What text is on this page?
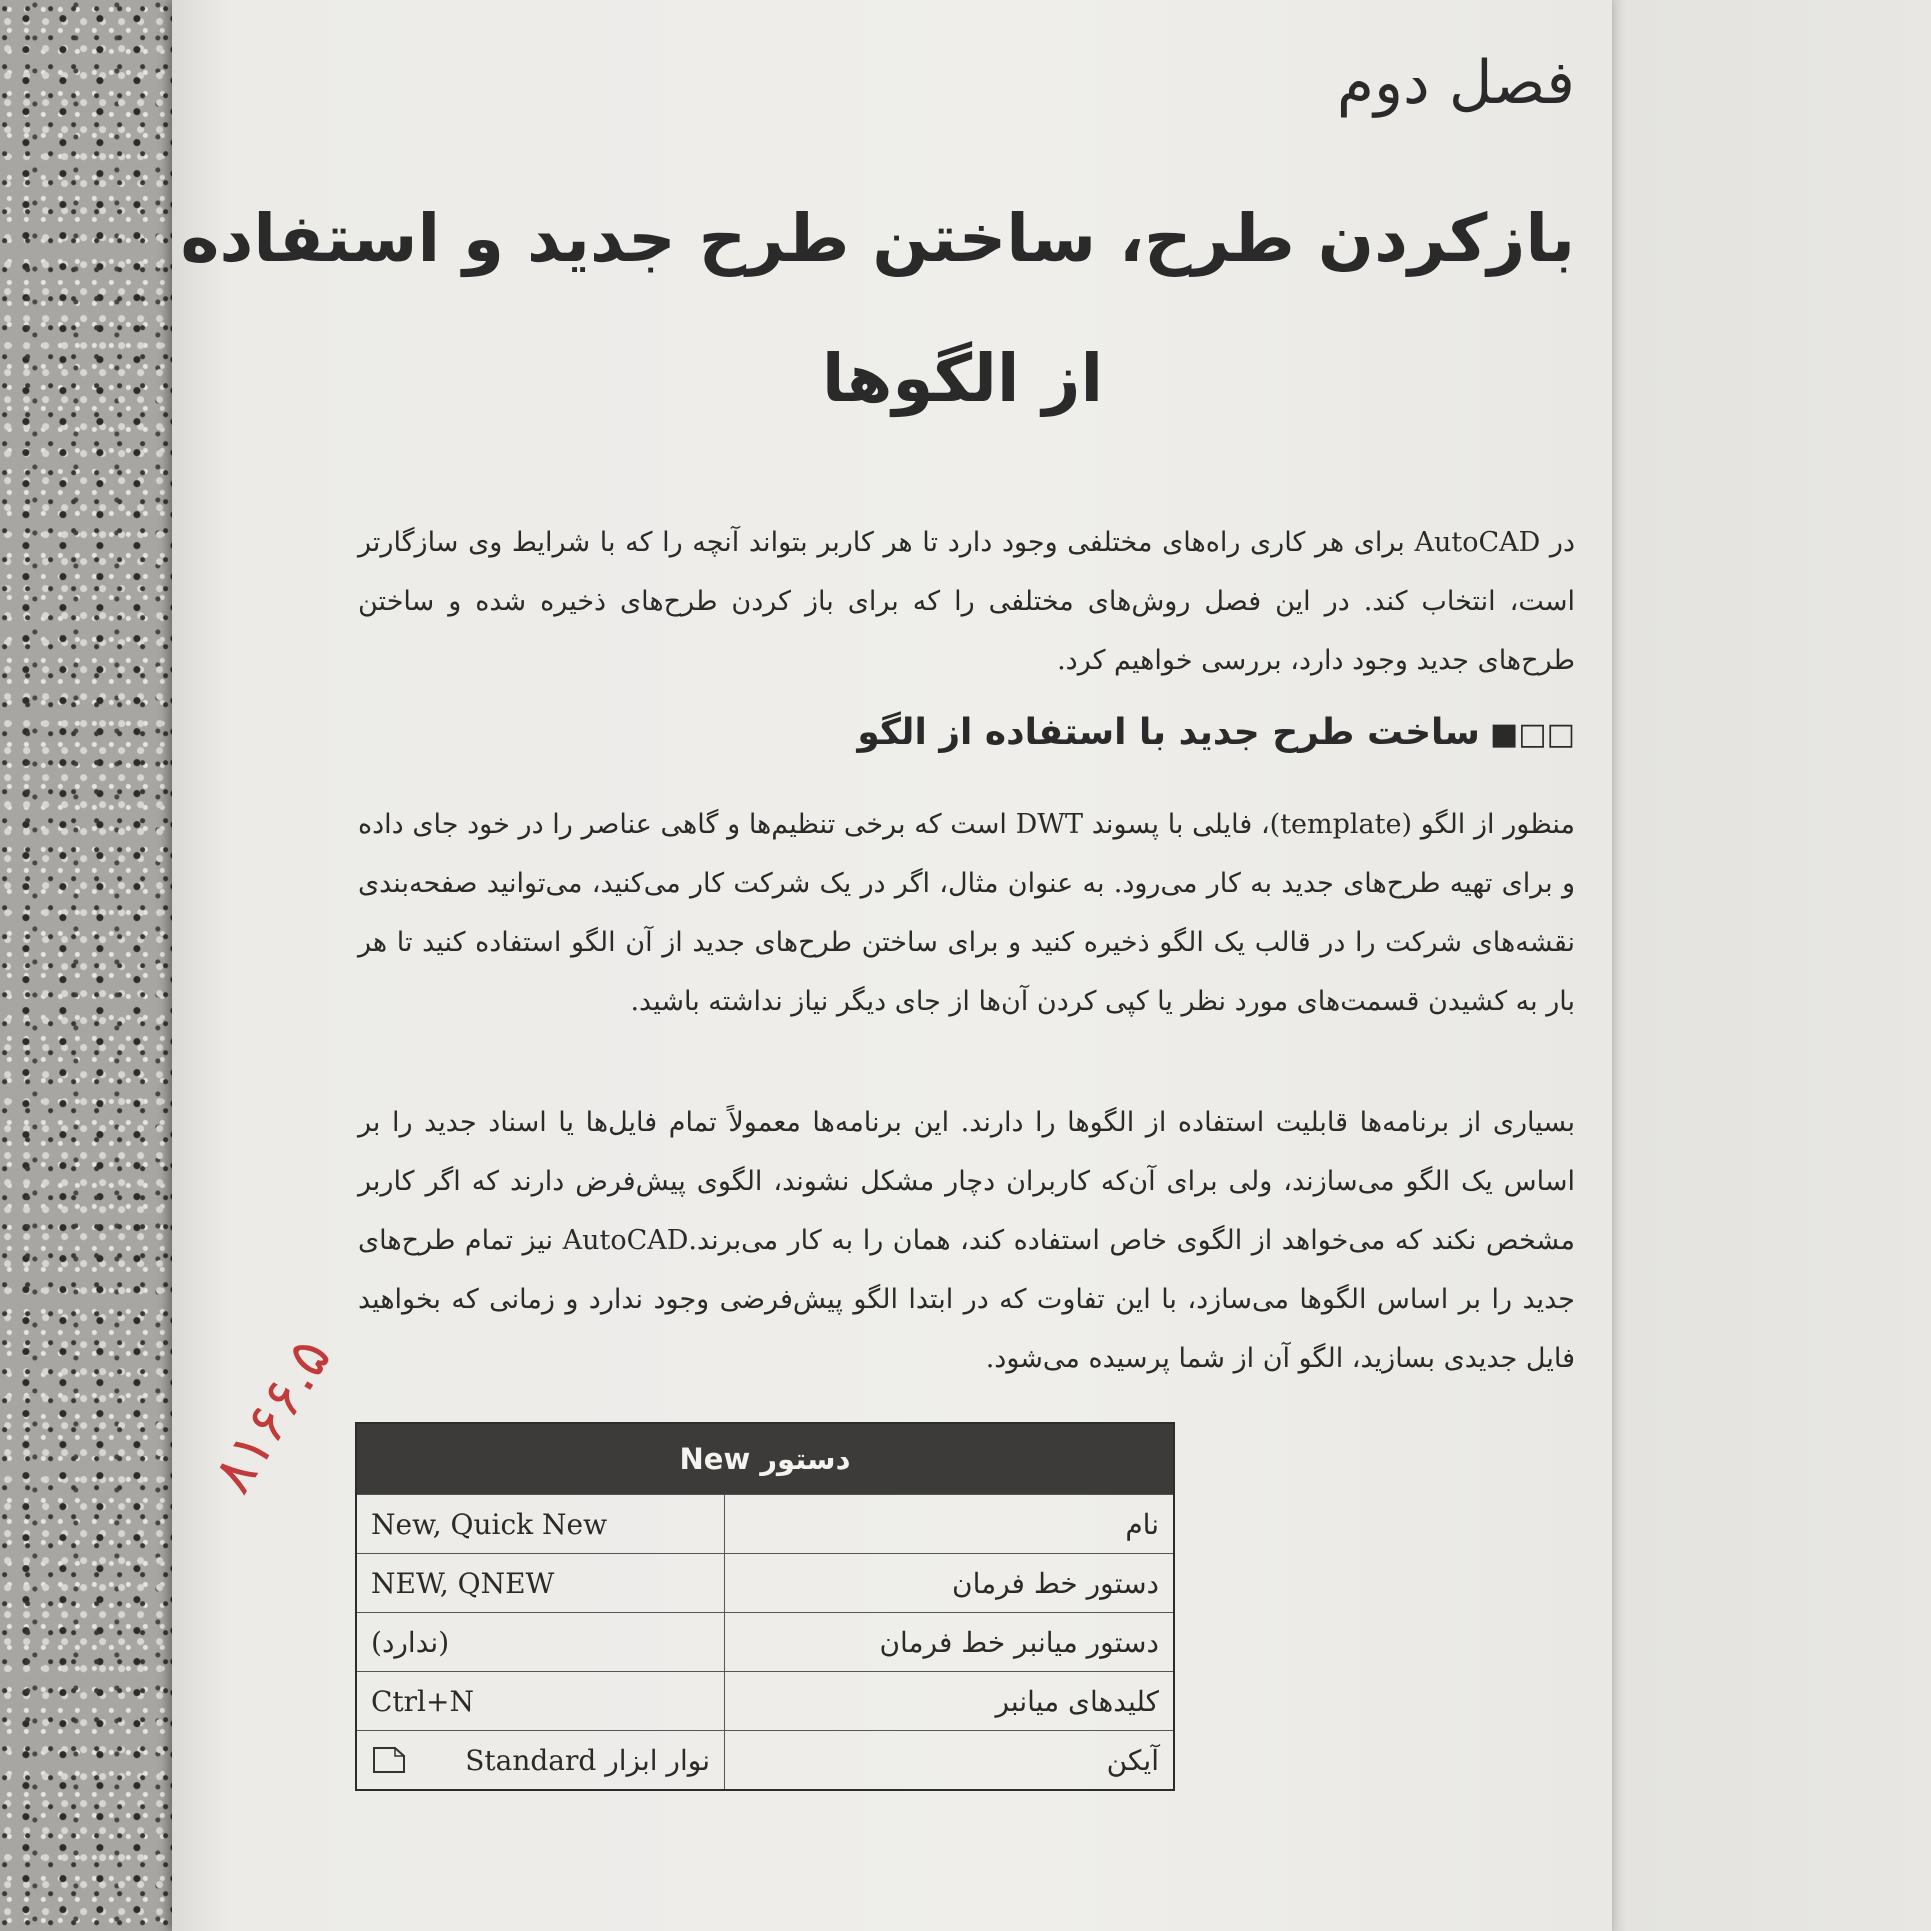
فصل دوم
بازکردن طرح، ساختن طرح جدید و استفاده
از الگوها
در AutoCAD برای هر کاری راه‌های مختلفی وجود دارد تا هر کاربر بتواند آنچه را که با شرایط وی سازگارتر است، انتخاب کند. در این فصل روش‌های مختلفی را که برای باز کردن طرح‌های ذخیره شده و ساختن طرح‌های جدید وجود دارد، بررسی خواهیم کرد.
□□■ساخت طرح جدید با استفاده از الگو
منظور از الگو (template)، فایلی با پسوند DWT است که برخی تنظیم‌ها و گاهی عناصر را در خود جای داده و برای تهیه طرح‌های جدید به کار می‌رود. به عنوان مثال، اگر در یک شرکت کار می‌کنید، می‌توانید صفحه‌بندی نقشه‌های شرکت را در قالب یک الگو ذخیره کنید و برای ساختن طرح‌های جدید از آن الگو استفاده کنید تا هر بار به کشیدن قسمت‌های مورد نظر یا کپی کردن آن‌ها از جای دیگر نیاز نداشته باشید.
بسیاری از برنامه‌ها قابلیت استفاده از الگوها را دارند. این برنامه‌ها معمولاً تمام فایل‌ها یا اسناد جدید را بر اساس یک الگو می‌سازند، ولی برای آن‌که کاربران دچار مشکل نشوند، الگوی پیش‌فرض دارند که اگر کاربر مشخص نکند که می‌خواهد از الگوی خاص استفاده کند، همان را به کار می‌برند.AutoCAD نیز تمام طرح‌های جدید را بر اساس الگوها می‌سازد، با این تفاوت که در ابتدا الگو پیش‌فرضی وجود ندارد و زمانی که بخواهید فایل جدیدی بسازید، الگو آن از شما پرسیده می‌شود.
دستور New	
نام	New, Quick New
دستور خط فرمان	NEW, QNEW
دستور میانبر خط فرمان	(ندارد)
کلیدهای میانبر	Ctrl+N
آیکن	نوار ابزار Standard
۸۱۶۶.۵
